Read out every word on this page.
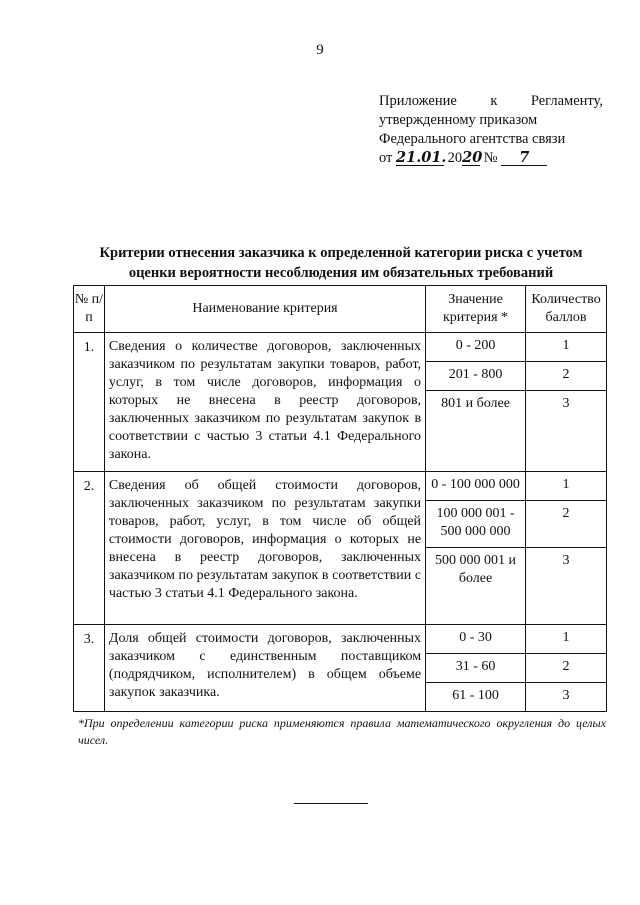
9
Приложение к Регламенту,
утвержденному приказом
Федерального агентства связи
от 21.01. 2020 № 7
Критерии отнесения заказчика к определенной категории риска с учетом оценки вероятности несоблюдения им обязательных требований
№ п/п	Наименование критерия	Значение критерия *	Количество баллов
1.	Сведения о количестве договоров, заключенных заказчиком по результатам закупки товаров, работ, услуг, в том числе договоров, информация о которых не внесена в реестр договоров, заключенных заказчиком по результатам закупок в соответствии с частью 3 статьи 4.1 Федерального закона.	0 - 200	1
		201 - 800	2
		801 и более	3
2.	Сведения об общей стоимости договоров, заключенных заказчиком по результатам закупки товаров, работ, услуг, в том числе об общей стоимости договоров, информация о которых не внесена в реестр договоров, заключенных заказчиком по результатам закупок в соответствии с частью 3 статьи 4.1 Федерального закона.	0 - 100 000 000	1
		100 000 001 - 500 000 000	2
		500 000 001 и более	3
3.	Доля общей стоимости договоров, заключенных заказчиком с единственным поставщиком (подрядчиком, исполнителем) в общем объеме закупок заказчика.	0 - 30	1
		31 - 60	2
		61 - 100	3
*При определении категории риска применяются правила математического округления до целых чисел.
